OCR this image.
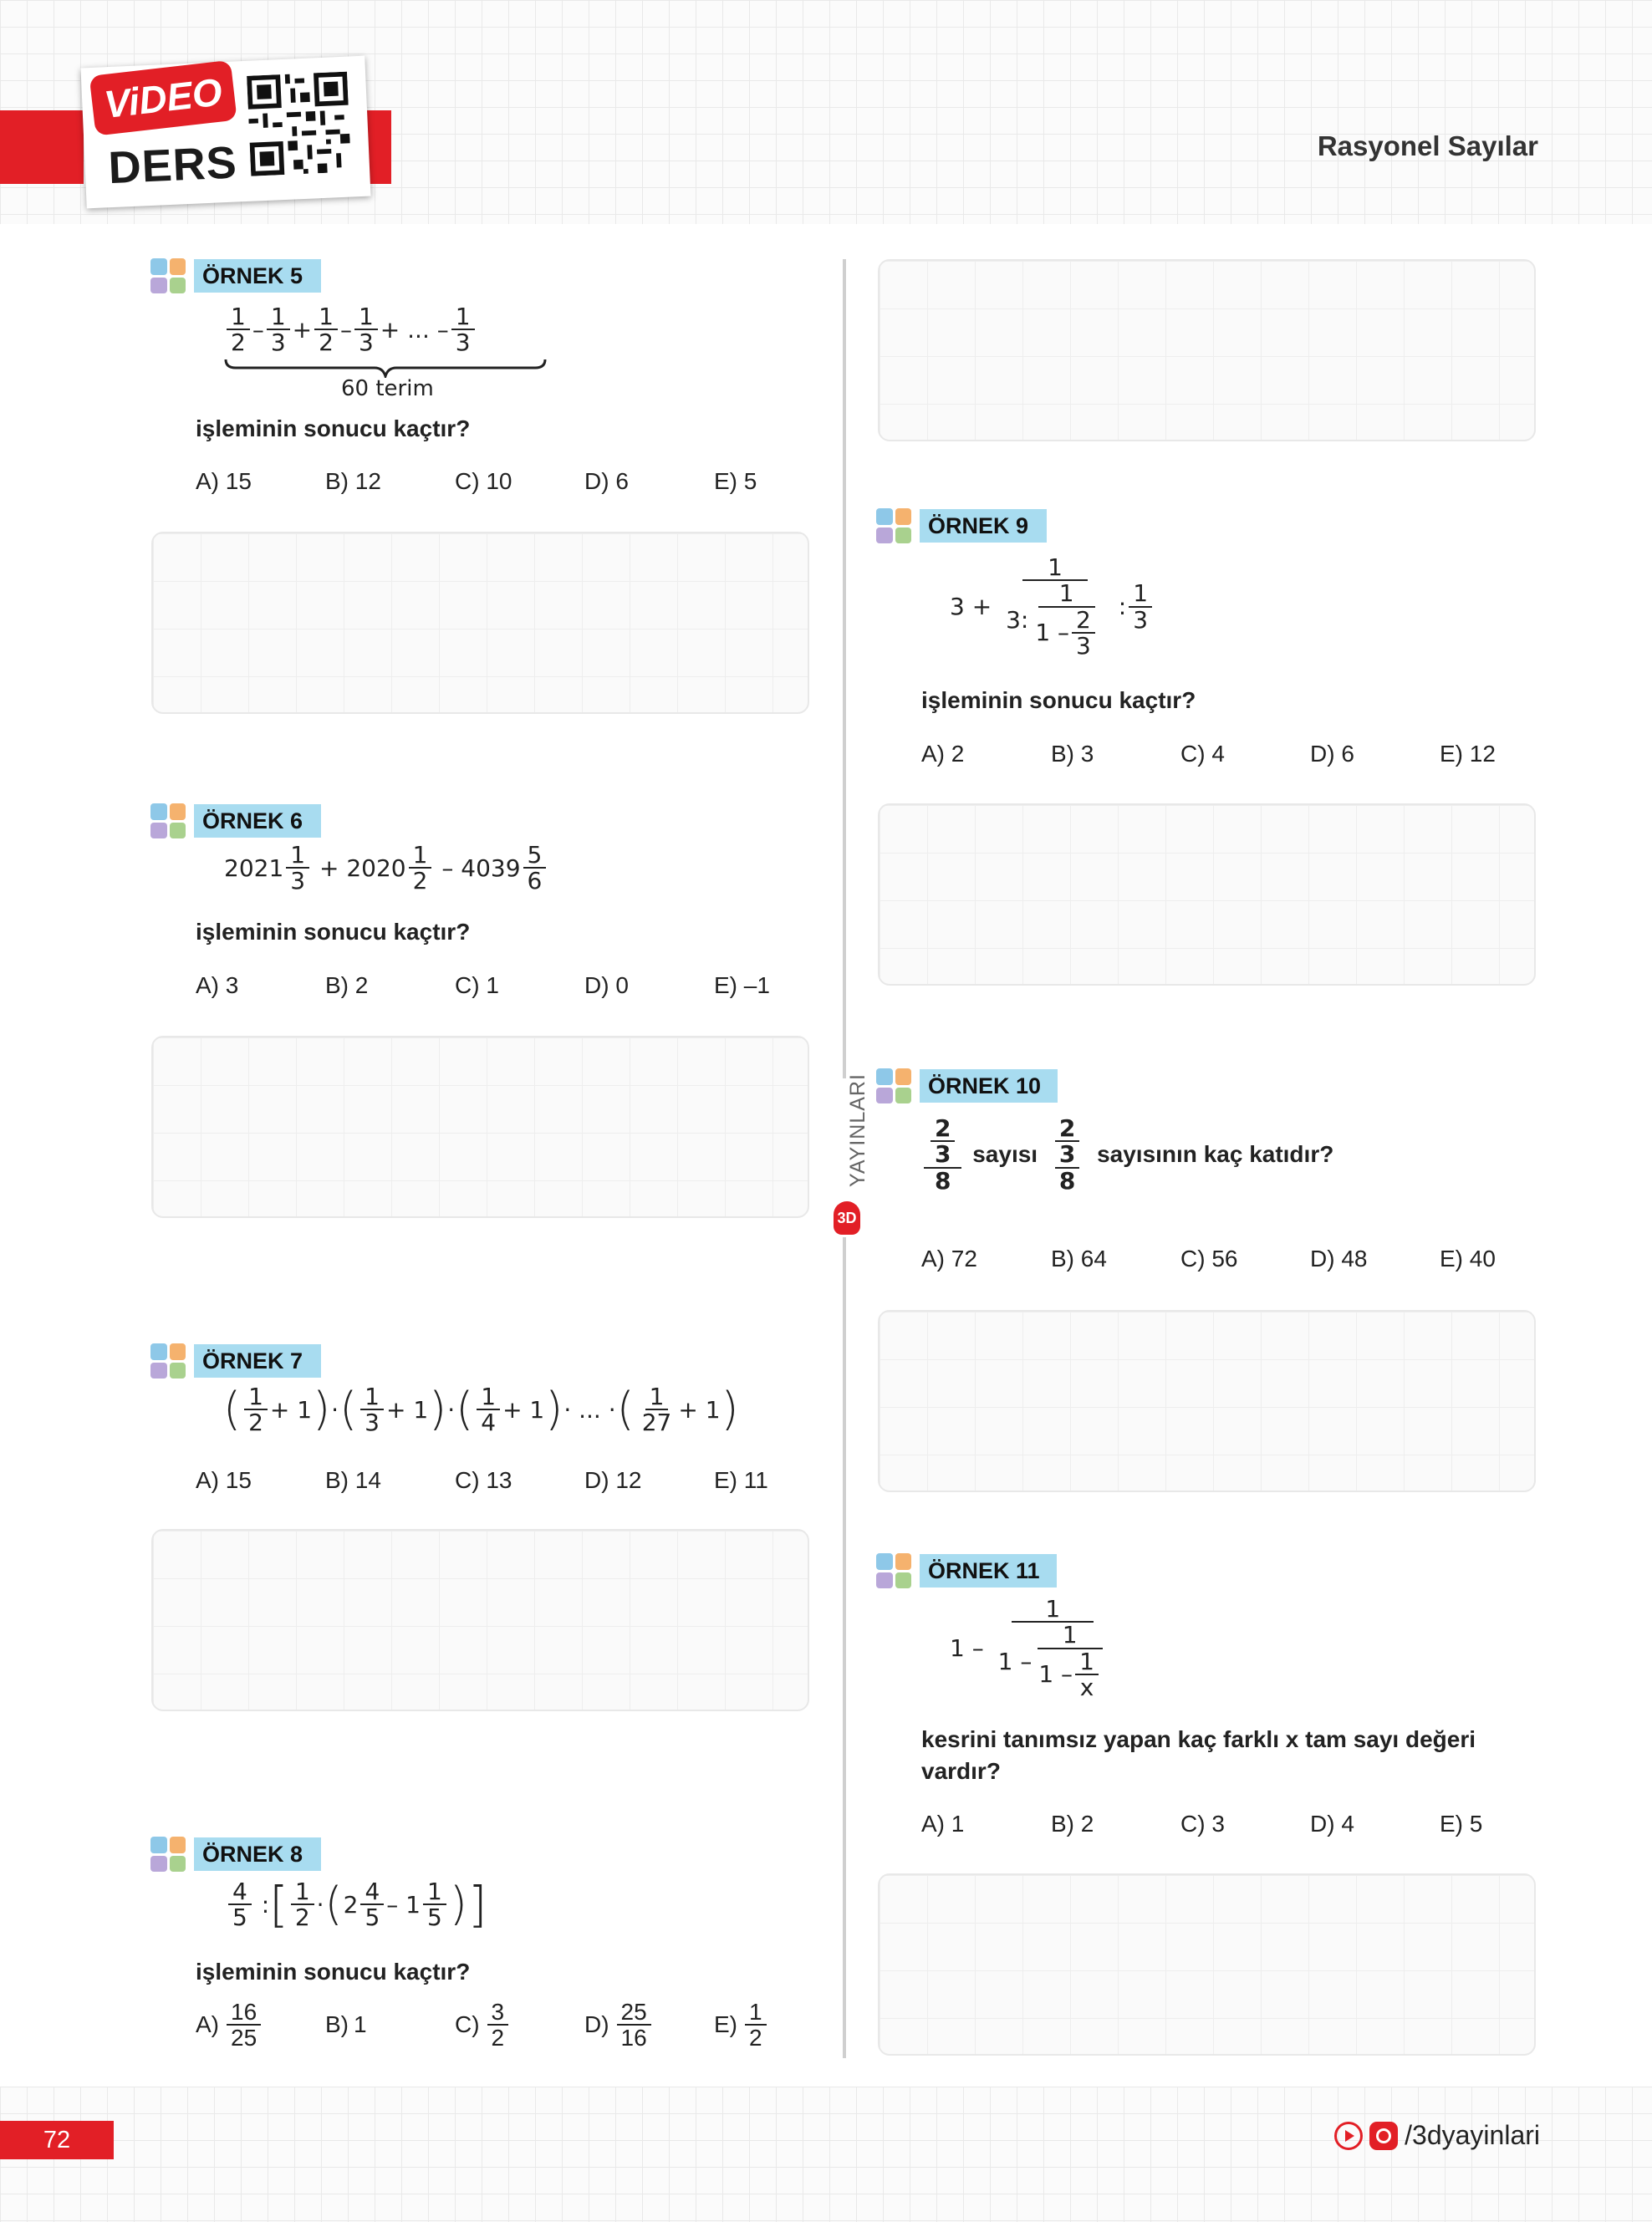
ViDEO
DERS	Rasyonel Sayılar
72	/3dyayinlari
YAYINLARI
3D
ÖRNEK 5
1
2 – 1
3 + 1
2 – 1
3 + ... – 1
3
60 terim
işleminin sonucu kaçtır?
A) 15	B) 12	C) 10	D) 6	E) 5
ÖRNEK 6
2021 1
3 + 2020 1
2 – 4039 5
6
işleminin sonucu kaçtır?
A) 3	B) 2	C) 1	D) 0	E) –1
ÖRNEK 7
( 1
2 + 1 ) · ( 1
3 + 1 ) · ( 1
4 + 1 ) · ... · ( 1
27 + 1 )
A) 15	B) 14	C) 13	D) 12	E) 11
ÖRNEK 8
4
5 : [ 1
2 · ( 2 4
5 – 1 1
5 ) ]
işleminin sonucu kaçtır?
A) 16
25
B) 1	C) 3
2
D) 25
16
E) 1
2
ÖRNEK 9
3 +
1
3:
1
1 – 2
3
: 1
3
işleminin sonucu kaçtır?
A) 2	B) 3	C) 4	D) 6	E) 12
ÖRNEK 10
$\frac{2}{3}$
8

sayısı

2
$\frac{3}{8}$
sayısının kaç katıdır?
A) 72	B) 64	C) 56	D) 48	E) 40
ÖRNEK 11
1 –
1
1 –
1
1 – 1
x
kesrini tanımsız yapan kaç farklı x tam sayı değeri
vardır?
A) 1	B) 2	C) 3	D) 4	E) 5
